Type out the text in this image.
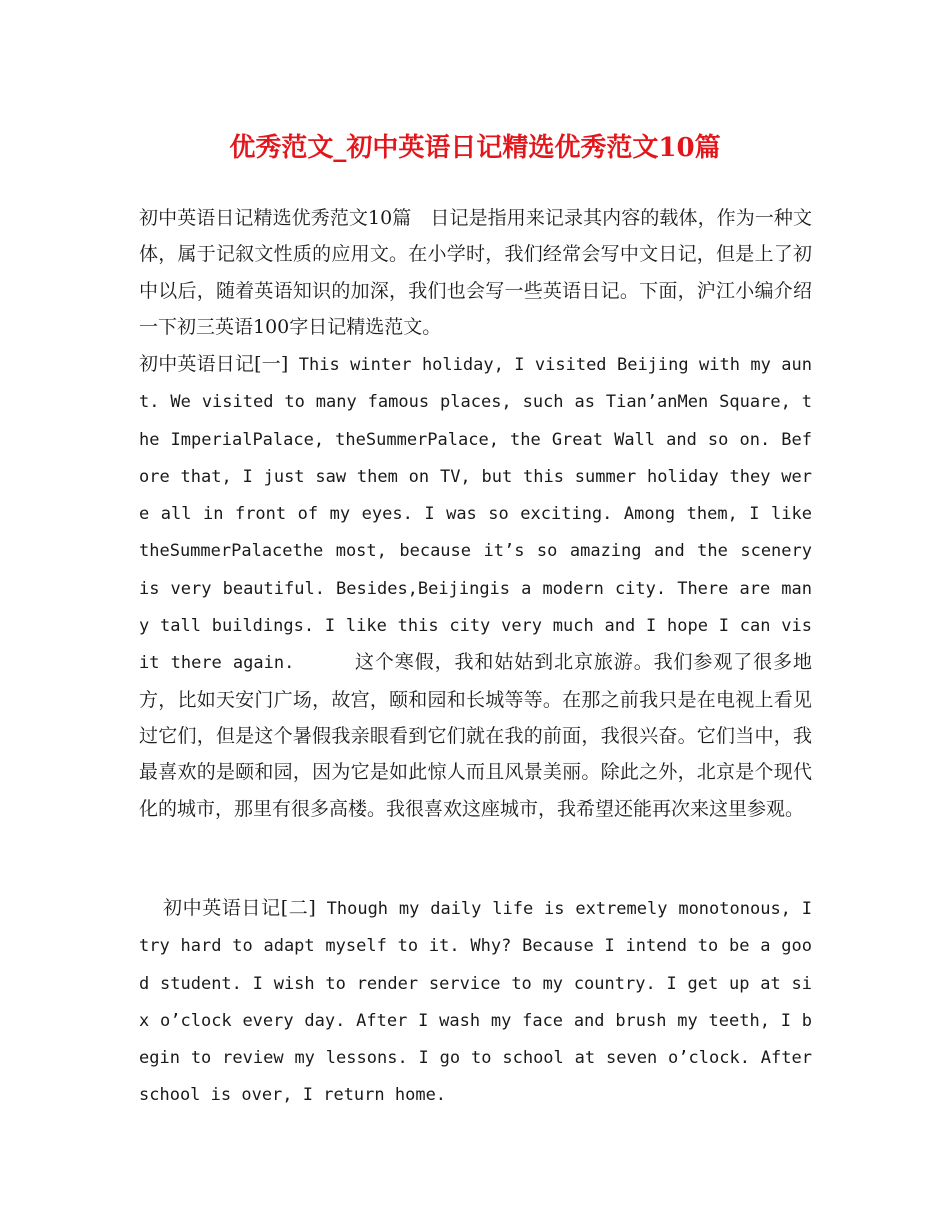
优秀范文_初中英语日记精选优秀范文10篇

初中英语日记精选优秀范文10篇　日记是指用来记录其内容的载体，作为一种文体，属于记叙文性质的应用文。在小学时，我们经常会写中文日记，但是上了初中以后，随着英语知识的加深，我们也会写一些英语日记。下面，沪江小编介绍一下初三英语100字日记精选范文。

初中英语日记[一] This winter holiday, I visited Beijing with my aunt. We visited to many famous places, such as Tian’anMen Square, the ImperialPalace, theSummerPalace, the Great Wall and so on. Before that, I just saw them on TV, but this summer holiday they were all in front of my eyes. I was so exciting. Among them, I like theSummerPalacethe most, because it’s so amazing and the scenery is very beautiful. Besides,Beijingis a modern city. There are many tall buildings. I like this city very much and I hope I can visit there again.　　　这个寒假，我和姑姑到北京旅游。我们参观了很多地方，比如天安门广场，故宫，颐和园和长城等等。在那之前我只是在电视上看见过它们，但是这个暑假我亲眼看到它们就在我的前面，我很兴奋。它们当中，我最喜欢的是颐和园，因为它是如此惊人而且风景美丽。除此之外，北京是个现代化的城市，那里有很多高楼。我很喜欢这座城市，我希望还能再次来这里参观。

初中英语日记[二] Though my daily life is extremely monotonous, I try hard to adapt myself to it. Why? Because I intend to be a good student. I wish to render service to my country. I get up at six o’clock every day. After I wash my face and brush my teeth, I begin to review my lessons. I go to school at seven o’clock. After school is over, I return home.
